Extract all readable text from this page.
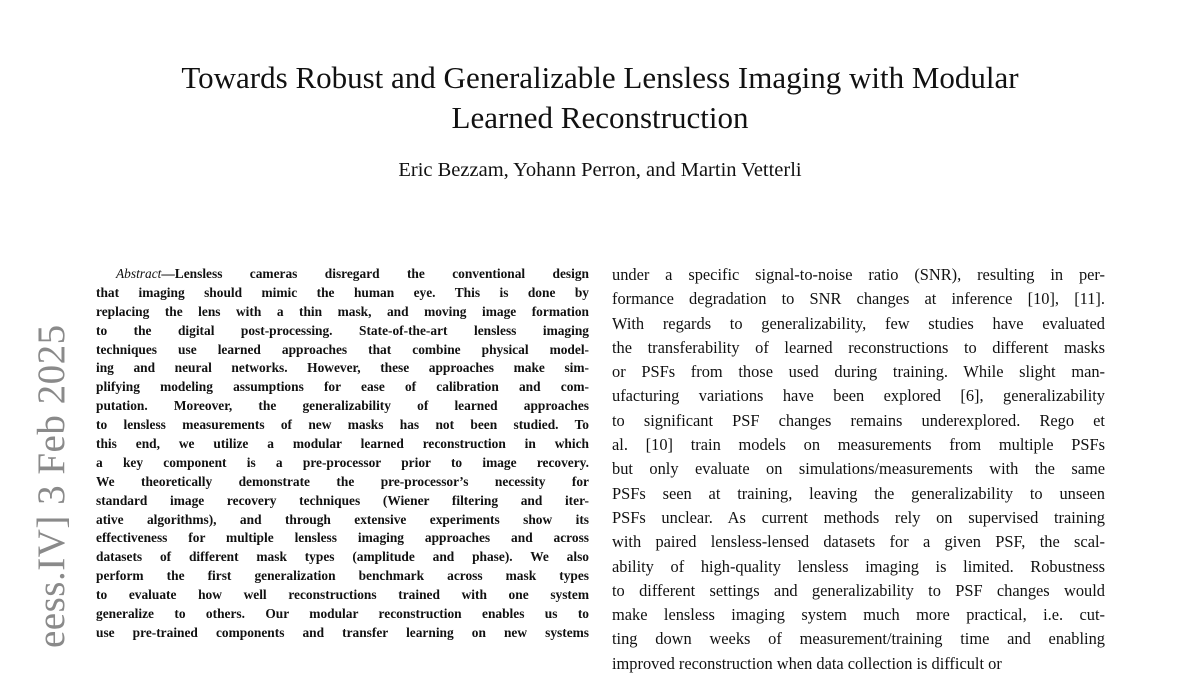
eess.IV] 3 Feb 2025
Towards Robust and Generalizable Lensless Imaging with Modular
Learned Reconstruction
Eric Bezzam, Yohann Perron, and Martin Vetterli
Abstract—Lensless cameras disregard the conventional design
that imaging should mimic the human eye. This is done by
replacing the lens with a thin mask, and moving image formation
to the digital post-processing. State-of-the-art lensless imaging
techniques use learned approaches that combine physical model-
ing and neural networks. However, these approaches make sim-
plifying modeling assumptions for ease of calibration and com-
putation. Moreover, the generalizability of learned approaches
to lensless measurements of new masks has not been studied. To
this end, we utilize a modular learned reconstruction in which
a key component is a pre-processor prior to image recovery.
We theoretically demonstrate the pre-processor’s necessity for
standard image recovery techniques (Wiener filtering and iter-
ative algorithms), and through extensive experiments show its
effectiveness for multiple lensless imaging approaches and across
datasets of different mask types (amplitude and phase). We also
perform the first generalization benchmark across mask types
to evaluate how well reconstructions trained with one system
generalize to others. Our modular reconstruction enables us to
use pre-trained components and transfer learning on new systems
under a specific signal-to-noise ratio (SNR), resulting in per-
formance degradation to SNR changes at inference [10], [11].
With regards to generalizability, few studies have evaluated
the transferability of learned reconstructions to different masks
or PSFs from those used during training. While slight man-
ufacturing variations have been explored [6], generalizability
to significant PSF changes remains underexplored. Rego et
al. [10] train models on measurements from multiple PSFs
but only evaluate on simulations/measurements with the same
PSFs seen at training, leaving the generalizability to unseen
PSFs unclear. As current methods rely on supervised training
with paired lensless-lensed datasets for a given PSF, the scal-
ability of high-quality lensless imaging is limited. Robustness
to different settings and generalizability to PSF changes would
make lensless imaging system much more practical, i.e. cut-
ting down weeks of measurement/training time and enabling
improved reconstruction when data collection is difficult or
